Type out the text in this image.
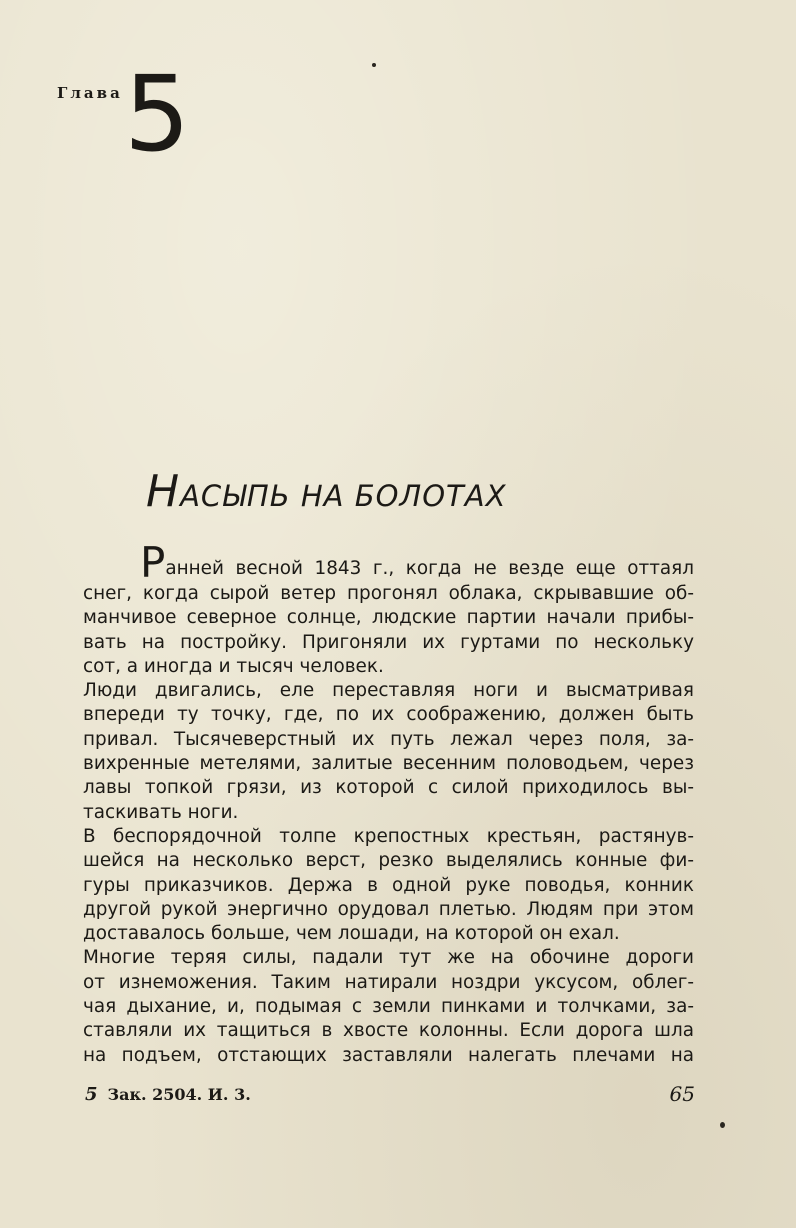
Глава 5
НАСЫПЬ НА БОЛОТАХ
Ранней весной 1843 г., когда не везде еще оттаял
снег, когда сырой ветер прогонял облака, скрывавшие об-
манчивое северное солнце, людские партии начали прибы-
вать на постройку. Пригоняли их гуртами по нескольку
сот, а иногда и тысяч человек.
Люди двигались, еле переставляя ноги и высматривая
впереди ту точку, где, по их соображению, должен быть
привал. Тысячеверстный их путь лежал через поля, за-
вихренные метелями, залитые весенним половодьем, через
лавы топкой грязи, из которой с силой приходилось вы-
таскивать ноги.
В беспорядочной толпе крепостных крестьян, растянув-
шейся на несколько верст, резко выделялись конные фи-
гуры приказчиков. Держа в одной руке поводья, конник
другой рукой энергично орудовал плетью. Людям при этом
доставалось больше, чем лошади, на которой он ехал.
Многие теряя силы, падали тут же на обочине дороги
от изнеможения. Таким натирали ноздри уксусом, облег-
чая дыхание, и, подымая с земли пинками и толчками, за-
ставляли их тащиться в хвосте колонны. Если дорога шла
на подъем, отстающих заставляли налегать плечами на
5 Зак. 2504. И. 3.	65
